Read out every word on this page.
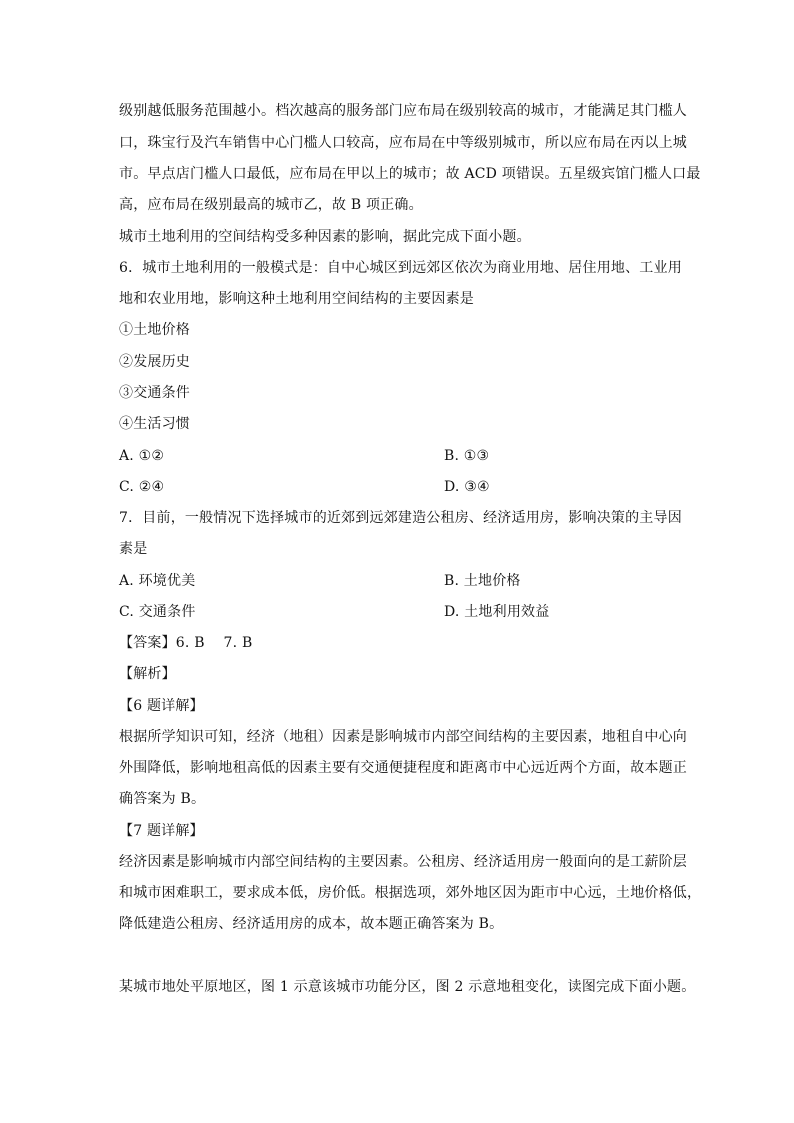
级别越低服务范围越小。档次越高的服务部门应布局在级别较高的城市，才能满足其门槛人
口，珠宝行及汽车销售中心门槛人口较高，应布局在中等级别城市，所以应布局在丙以上城
市。早点店门槛人口最低，应布局在甲以上的城市；故 ACD 项错误。五星级宾馆门槛人口最
高，应布局在级别最高的城市乙，故 B 项正确。
城市土地利用的空间结构受多种因素的影响，据此完成下面小题。
6．城市土地利用的一般模式是：自中心城区到远郊区依次为商业用地、居住用地、工业用
地和农业用地，影响这种土地利用空间结构的主要因素是
①土地价格
②发展历史
③交通条件
④生活习惯
A. ①②	B. ①③
C. ②④	D. ③④
7．目前，一般情况下选择城市的近郊到远郊建造公租房、经济适用房，影响决策的主导因
素是
A. 环境优美	B. 土地价格
C. 交通条件	D. 土地利用效益
【答案】6. B　 7. B
【解析】
【6 题详解】
根据所学知识可知，经济（地租）因素是影响城市内部空间结构的主要因素，地租自中心向
外围降低，影响地租高低的因素主要有交通便捷程度和距离市中心远近两个方面，故本题正
确答案为 B。
【7 题详解】
经济因素是影响城市内部空间结构的主要因素。公租房、经济适用房一般面向的是工薪阶层
和城市困难职工，要求成本低，房价低。根据选项，郊外地区因为距市中心远，土地价格低，
降低建造公租房、经济适用房的成本，故本题正确答案为 B。
某城市地处平原地区，图 1 示意该城市功能分区，图 2 示意地租变化，读图完成下面小题。
